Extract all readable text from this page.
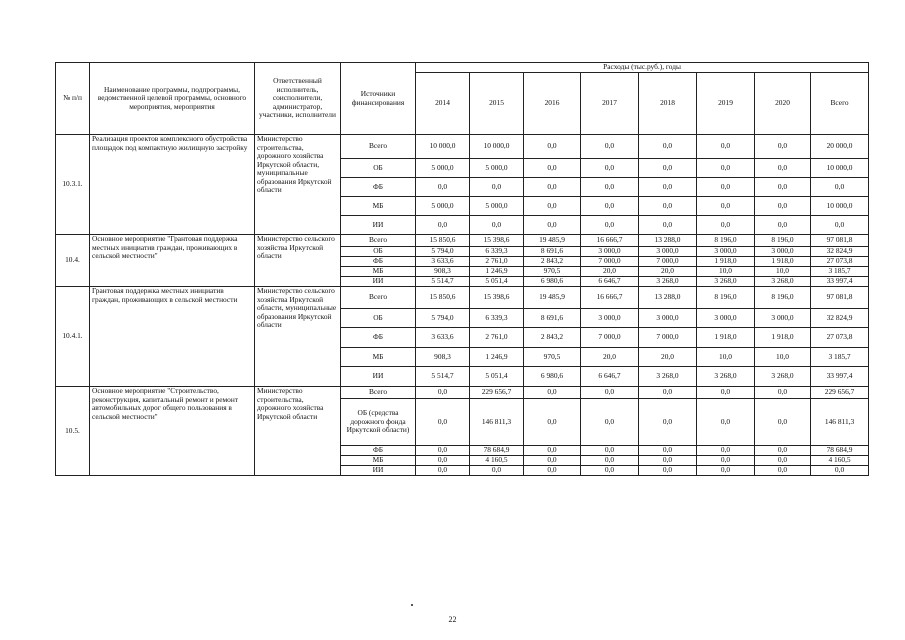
№ п/п	Наименование программы, подпрограммы, ведомственной целевой программы, основного мероприятия, мероприятия	Ответственный исполнитель, соисполнители, администратор, участники, исполнители	Источники финансирования	Расходы (тыс.руб.), годы							
				2014	2015	2016	2017	2018	2019	2020	Всего
10.3.1.	Реализация проектов комплексного обустройства площадок под компактную жилищную застройку	Министерство строительства, дорожного хозяйства Иркутской области, муниципальные образования Иркутской области	Всего	10 000,0	10 000,0	0,0	0,0	0,0	0,0	0,0	20 000,0
			ОБ	5 000,0	5 000,0	0,0	0,0	0,0	0,0	0,0	10 000,0
			ФБ	0,0	0,0	0,0	0,0	0,0	0,0	0,0	0,0
			МБ	5 000,0	5 000,0	0,0	0,0	0,0	0,0	0,0	10 000,0
			ИИ	0,0	0,0	0,0	0,0	0,0	0,0	0,0	0,0
10.4.	Основное мероприятие "Грантовая поддержка местных инициатив граждан, проживающих в сельской местности"	Министерство сельского хозяйства Иркутской области	Всего	15 850,6	15 398,6	19 485,9	16 666,7	13 288,0	8 196,0	8 196,0	97 081,8
			ОБ	5 794,0	6 339,3	8 691,6	3 000,0	3 000,0	3 000,0	3 000,0	32 824,9
			ФБ	3 633,6	2 761,0	2 843,2	7 000,0	7 000,0	1 918,0	1 918,0	27 073,8
			МБ	908,3	1 246,9	970,5	20,0	20,0	10,0	10,0	3 185,7
			ИИ	5 514,7	5 051,4	6 980,6	6 646,7	3 268,0	3 268,0	3 268,0	33 997,4
10.4.1.	Грантовая поддержка местных инициатив граждан, проживающих в сельской местности	Министерство сельского хозяйства Иркутской области, муниципальные образования Иркутской области	Всего	15 850,6	15 398,6	19 485,9	16 666,7	13 288,0	8 196,0	8 196,0	97 081,8
			ОБ	5 794,0	6 339,3	8 691,6	3 000,0	3 000,0	3 000,0	3 000,0	32 824,9
			ФБ	3 633,6	2 761,0	2 843,2	7 000,0	7 000,0	1 918,0	1 918,0	27 073,8
			МБ	908,3	1 246,9	970,5	20,0	20,0	10,0	10,0	3 185,7
			ИИ	5 514,7	5 051,4	6 980,6	6 646,7	3 268,0	3 268,0	3 268,0	33 997,4
10.5.	Основное мероприятие "Строительство, реконструкция, капитальный ремонт и ремонт автомобильных дорог общего пользования в сельской местности"	Министерство строительства, дорожного хозяйства Иркутской области	Всего	0,0	229 656,7	0,0	0,0	0,0	0,0	0,0	229 656,7
			ОБ (средства дорожного фонда Иркутской области)	0,0	146 811,3	0,0	0,0	0,0	0,0	0,0	146 811,3
			ФБ	0,0	78 684,9	0,0	0,0	0,0	0,0	0,0	78 684,9
			МБ	0,0	4 160,5	0,0	0,0	0,0	0,0	0,0	4 160,5
			ИИ	0,0	0,0	0,0	0,0	0,0	0,0	0,0	0,0
22
